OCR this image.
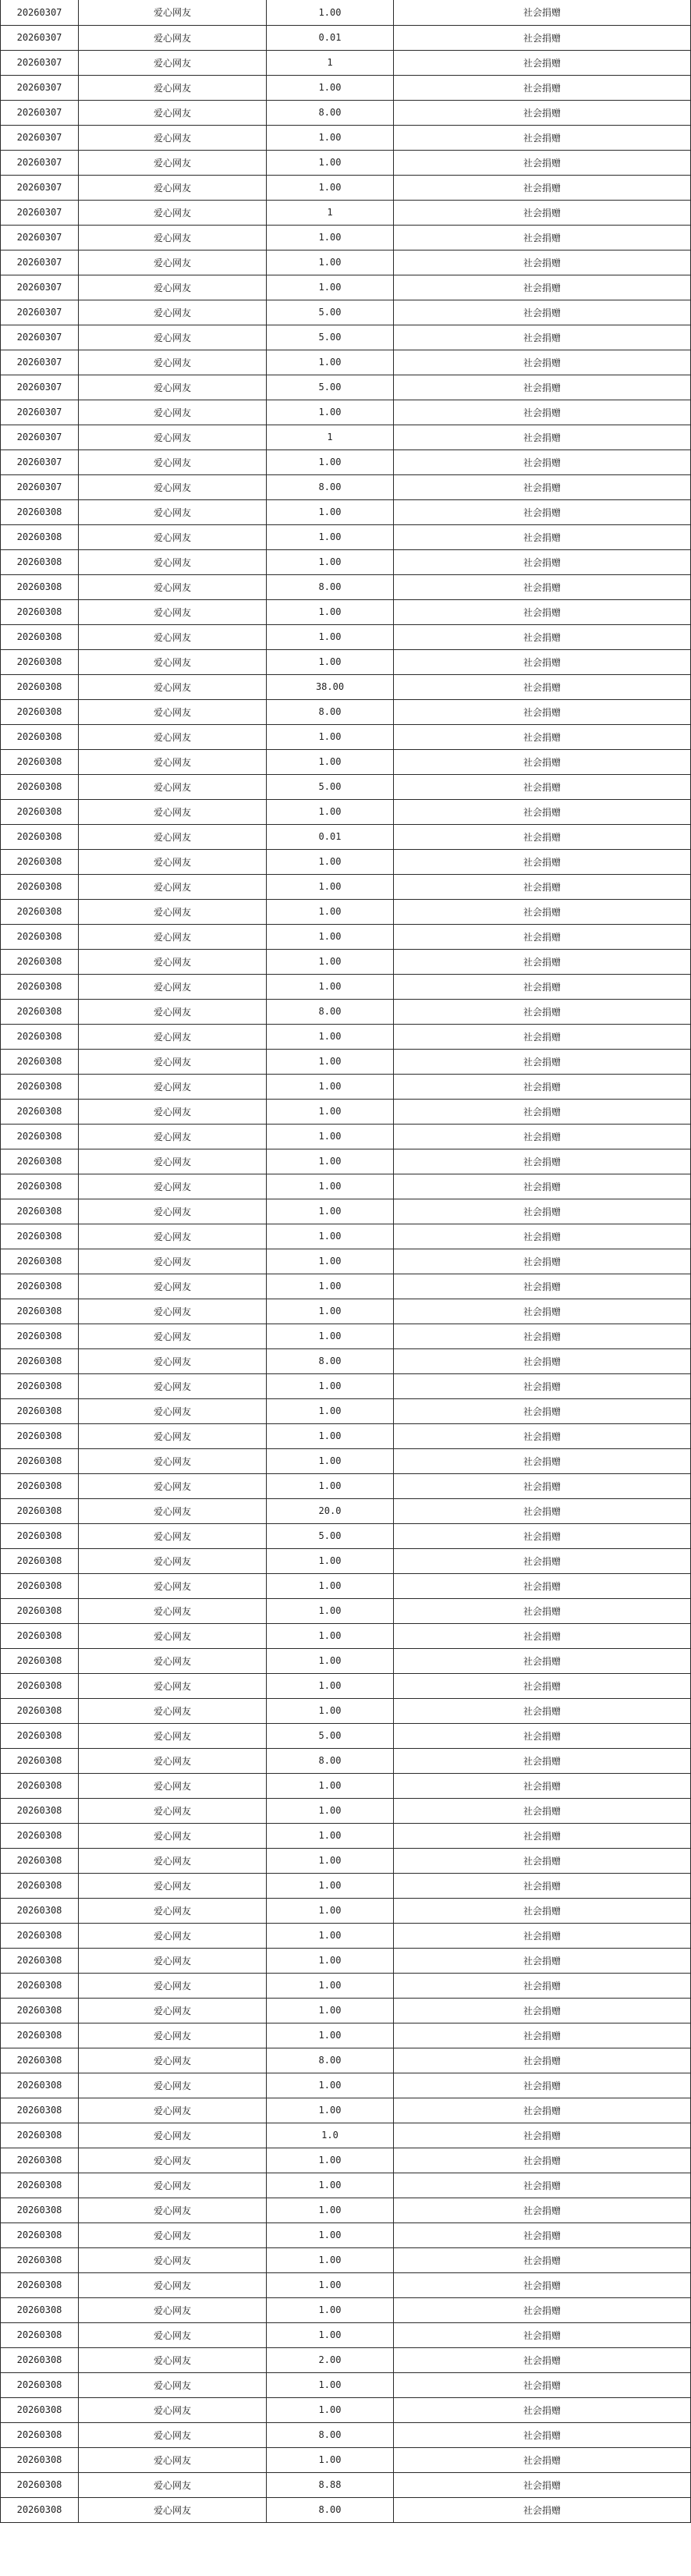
20260307	爱心网友	1.00	社会捐赠
20260307	爱心网友	0.01	社会捐赠
20260307	爱心网友	1	社会捐赠
20260307	爱心网友	1.00	社会捐赠
20260307	爱心网友	8.00	社会捐赠
20260307	爱心网友	1.00	社会捐赠
20260307	爱心网友	1.00	社会捐赠
20260307	爱心网友	1.00	社会捐赠
20260307	爱心网友	1	社会捐赠
20260307	爱心网友	1.00	社会捐赠
20260307	爱心网友	1.00	社会捐赠
20260307	爱心网友	1.00	社会捐赠
20260307	爱心网友	5.00	社会捐赠
20260307	爱心网友	5.00	社会捐赠
20260307	爱心网友	1.00	社会捐赠
20260307	爱心网友	5.00	社会捐赠
20260307	爱心网友	1.00	社会捐赠
20260307	爱心网友	1	社会捐赠
20260307	爱心网友	1.00	社会捐赠
20260307	爱心网友	8.00	社会捐赠
20260308	爱心网友	1.00	社会捐赠
20260308	爱心网友	1.00	社会捐赠
20260308	爱心网友	1.00	社会捐赠
20260308	爱心网友	8.00	社会捐赠
20260308	爱心网友	1.00	社会捐赠
20260308	爱心网友	1.00	社会捐赠
20260308	爱心网友	1.00	社会捐赠
20260308	爱心网友	38.00	社会捐赠
20260308	爱心网友	8.00	社会捐赠
20260308	爱心网友	1.00	社会捐赠
20260308	爱心网友	1.00	社会捐赠
20260308	爱心网友	5.00	社会捐赠
20260308	爱心网友	1.00	社会捐赠
20260308	爱心网友	0.01	社会捐赠
20260308	爱心网友	1.00	社会捐赠
20260308	爱心网友	1.00	社会捐赠
20260308	爱心网友	1.00	社会捐赠
20260308	爱心网友	1.00	社会捐赠
20260308	爱心网友	1.00	社会捐赠
20260308	爱心网友	1.00	社会捐赠
20260308	爱心网友	8.00	社会捐赠
20260308	爱心网友	1.00	社会捐赠
20260308	爱心网友	1.00	社会捐赠
20260308	爱心网友	1.00	社会捐赠
20260308	爱心网友	1.00	社会捐赠
20260308	爱心网友	1.00	社会捐赠
20260308	爱心网友	1.00	社会捐赠
20260308	爱心网友	1.00	社会捐赠
20260308	爱心网友	1.00	社会捐赠
20260308	爱心网友	1.00	社会捐赠
20260308	爱心网友	1.00	社会捐赠
20260308	爱心网友	1.00	社会捐赠
20260308	爱心网友	1.00	社会捐赠
20260308	爱心网友	1.00	社会捐赠
20260308	爱心网友	8.00	社会捐赠
20260308	爱心网友	1.00	社会捐赠
20260308	爱心网友	1.00	社会捐赠
20260308	爱心网友	1.00	社会捐赠
20260308	爱心网友	1.00	社会捐赠
20260308	爱心网友	1.00	社会捐赠
20260308	爱心网友	20.0	社会捐赠
20260308	爱心网友	5.00	社会捐赠
20260308	爱心网友	1.00	社会捐赠
20260308	爱心网友	1.00	社会捐赠
20260308	爱心网友	1.00	社会捐赠
20260308	爱心网友	1.00	社会捐赠
20260308	爱心网友	1.00	社会捐赠
20260308	爱心网友	1.00	社会捐赠
20260308	爱心网友	1.00	社会捐赠
20260308	爱心网友	5.00	社会捐赠
20260308	爱心网友	8.00	社会捐赠
20260308	爱心网友	1.00	社会捐赠
20260308	爱心网友	1.00	社会捐赠
20260308	爱心网友	1.00	社会捐赠
20260308	爱心网友	1.00	社会捐赠
20260308	爱心网友	1.00	社会捐赠
20260308	爱心网友	1.00	社会捐赠
20260308	爱心网友	1.00	社会捐赠
20260308	爱心网友	1.00	社会捐赠
20260308	爱心网友	1.00	社会捐赠
20260308	爱心网友	1.00	社会捐赠
20260308	爱心网友	1.00	社会捐赠
20260308	爱心网友	8.00	社会捐赠
20260308	爱心网友	1.00	社会捐赠
20260308	爱心网友	1.00	社会捐赠
20260308	爱心网友	1.0	社会捐赠
20260308	爱心网友	1.00	社会捐赠
20260308	爱心网友	1.00	社会捐赠
20260308	爱心网友	1.00	社会捐赠
20260308	爱心网友	1.00	社会捐赠
20260308	爱心网友	1.00	社会捐赠
20260308	爱心网友	1.00	社会捐赠
20260308	爱心网友	1.00	社会捐赠
20260308	爱心网友	1.00	社会捐赠
20260308	爱心网友	2.00	社会捐赠
20260308	爱心网友	1.00	社会捐赠
20260308	爱心网友	1.00	社会捐赠
20260308	爱心网友	8.00	社会捐赠
20260308	爱心网友	1.00	社会捐赠
20260308	爱心网友	8.88	社会捐赠
20260308	爱心网友	8.00	社会捐赠
